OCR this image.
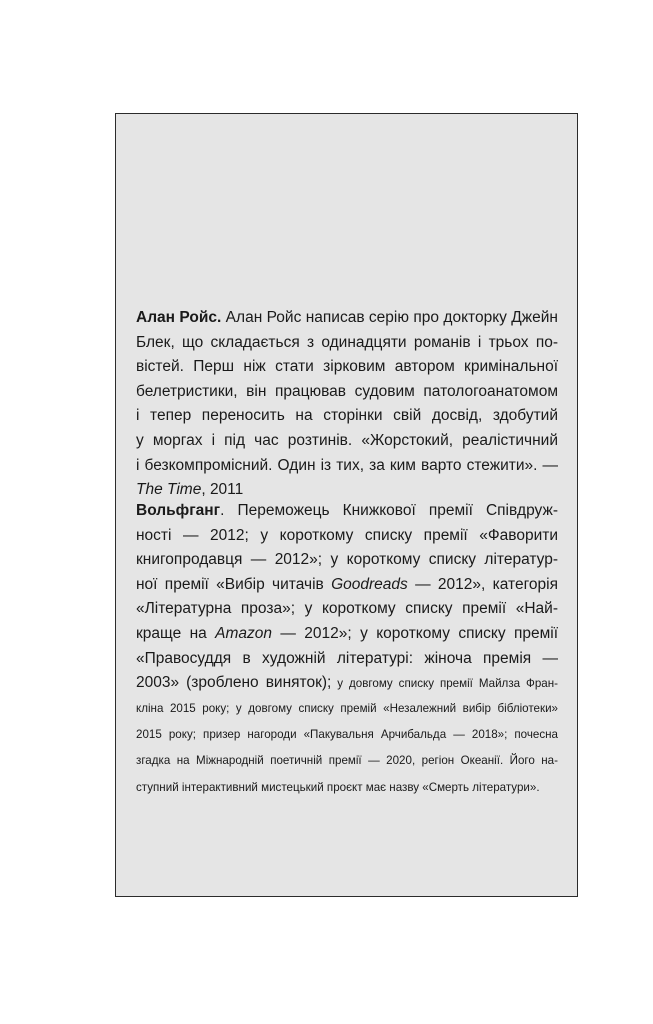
Алан Ройс. Алан Ройс написав серію про докторку Джейн
Блек, що складається з одинадцяти романів і трьох по-
вістей. Перш ніж стати зірковим автором кримінальної
белетристики, він працював судовим патологоанатомом
і тепер переносить на сторінки свій досвід, здобутий
у моргах і під час розтинів. «Жорстокий, реалістичний
і безкомпромісний. Один із тих, за ким варто стежити». —
The Time, 2011

Вольфганг. Переможець Книжкової премії Співдруж-
ності — 2012; у короткому списку премії «Фаворити
книгопродавця — 2012»; у короткому списку літератур-
ної премії «Вибір читачів Goodreads — 2012», категорія
«Літературна проза»; у короткому списку премії «Най-
краще на Amazon — 2012»; у короткому списку премії
«Правосуддя в художній літературі: жіноча премія —
2003» (зроблено виняток); у довгому списку премії Майлза Фран-
кліна 2015 року; у довгому списку премій «Незалежний вибір бібліотеки»
2015 року; призер нагороди «Пакувальня Арчибальда — 2018»; почесна
згадка на Міжнародній поетичній премії — 2020, регіон Океанії. Його на-
ступний інтерактивний мистецький проєкт має назву «Смерть літератури».
